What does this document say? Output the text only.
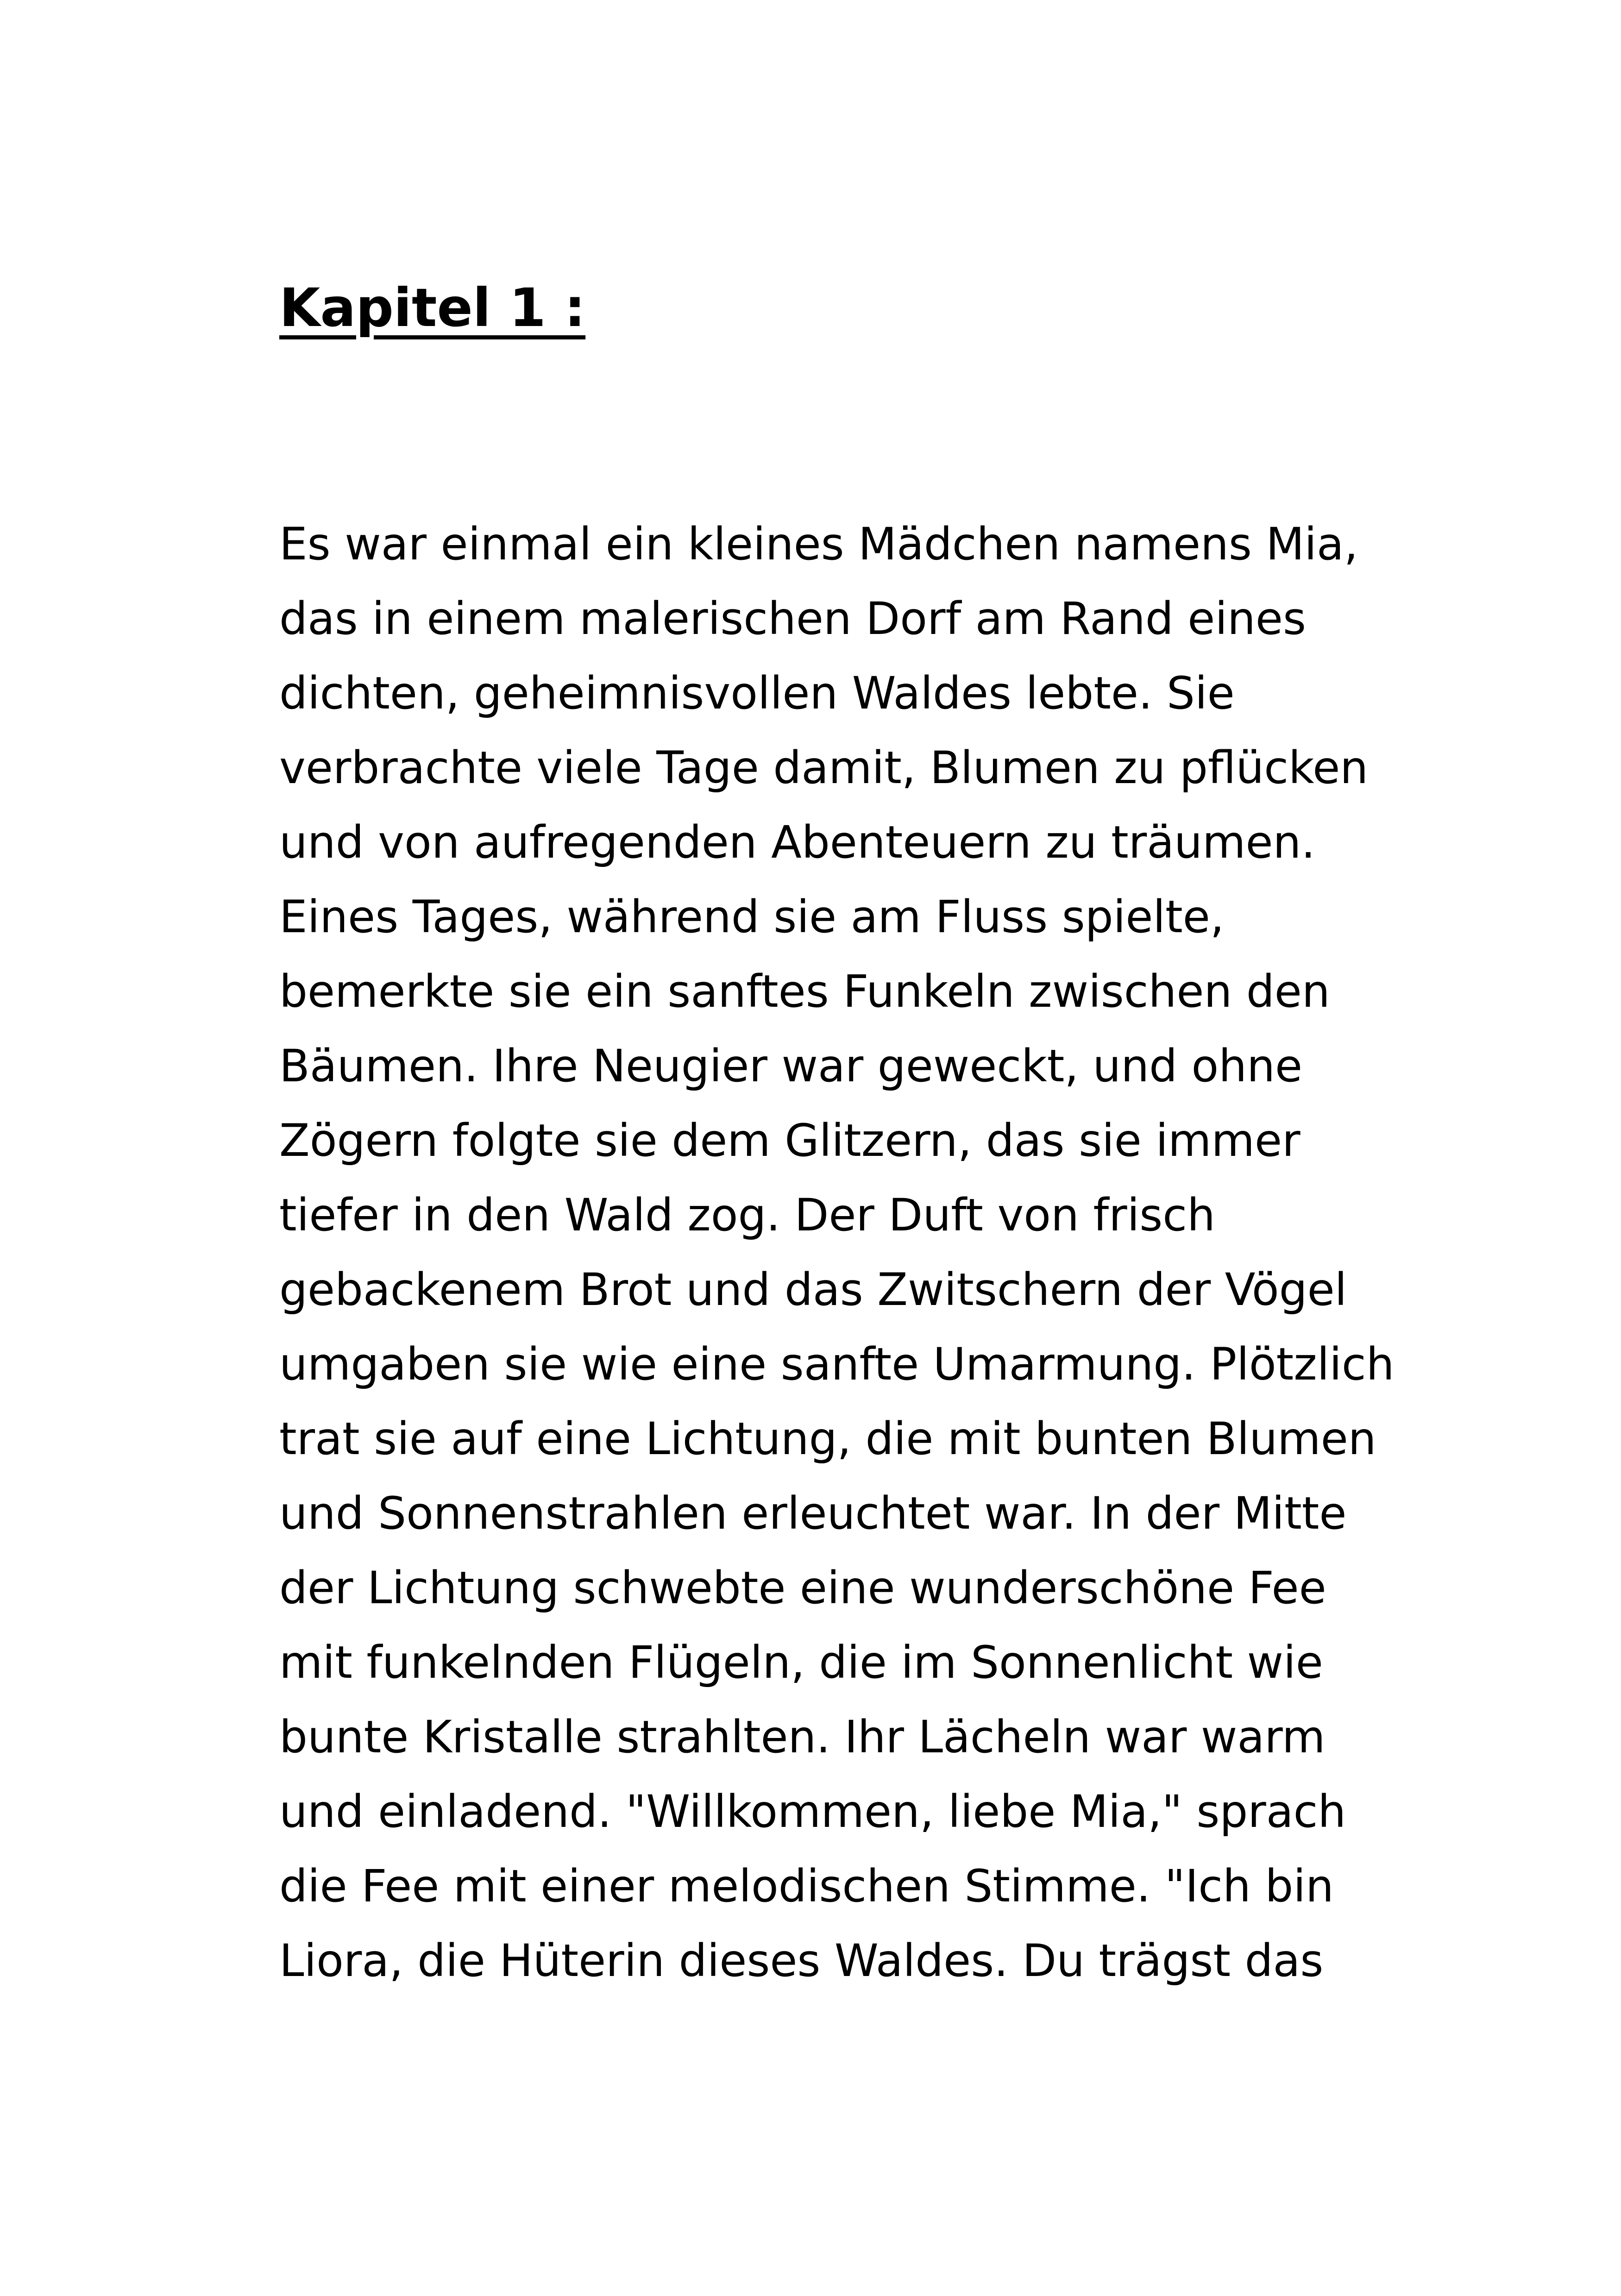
Kapitel 1 :
Es war einmal ein kleines Mädchen namens Mia,
das in einem malerischen Dorf am Rand eines
dichten, geheimnisvollen Waldes lebte. Sie
verbrachte viele Tage damit, Blumen zu pflücken
und von aufregenden Abenteuern zu träumen.
Eines Tages, während sie am Fluss spielte,
bemerkte sie ein sanftes Funkeln zwischen den
Bäumen. Ihre Neugier war geweckt, und ohne
Zögern folgte sie dem Glitzern, das sie immer
tiefer in den Wald zog. Der Duft von frisch
gebackenem Brot und das Zwitschern der Vögel
umgaben sie wie eine sanfte Umarmung. Plötzlich
trat sie auf eine Lichtung, die mit bunten Blumen
und Sonnenstrahlen erleuchtet war. In der Mitte
der Lichtung schwebte eine wunderschöne Fee
mit funkelnden Flügeln, die im Sonnenlicht wie
bunte Kristalle strahlten. Ihr Lächeln war warm
und einladend. "Willkommen, liebe Mia," sprach
die Fee mit einer melodischen Stimme. "Ich bin
Liora, die Hüterin dieses Waldes. Du trägst das
